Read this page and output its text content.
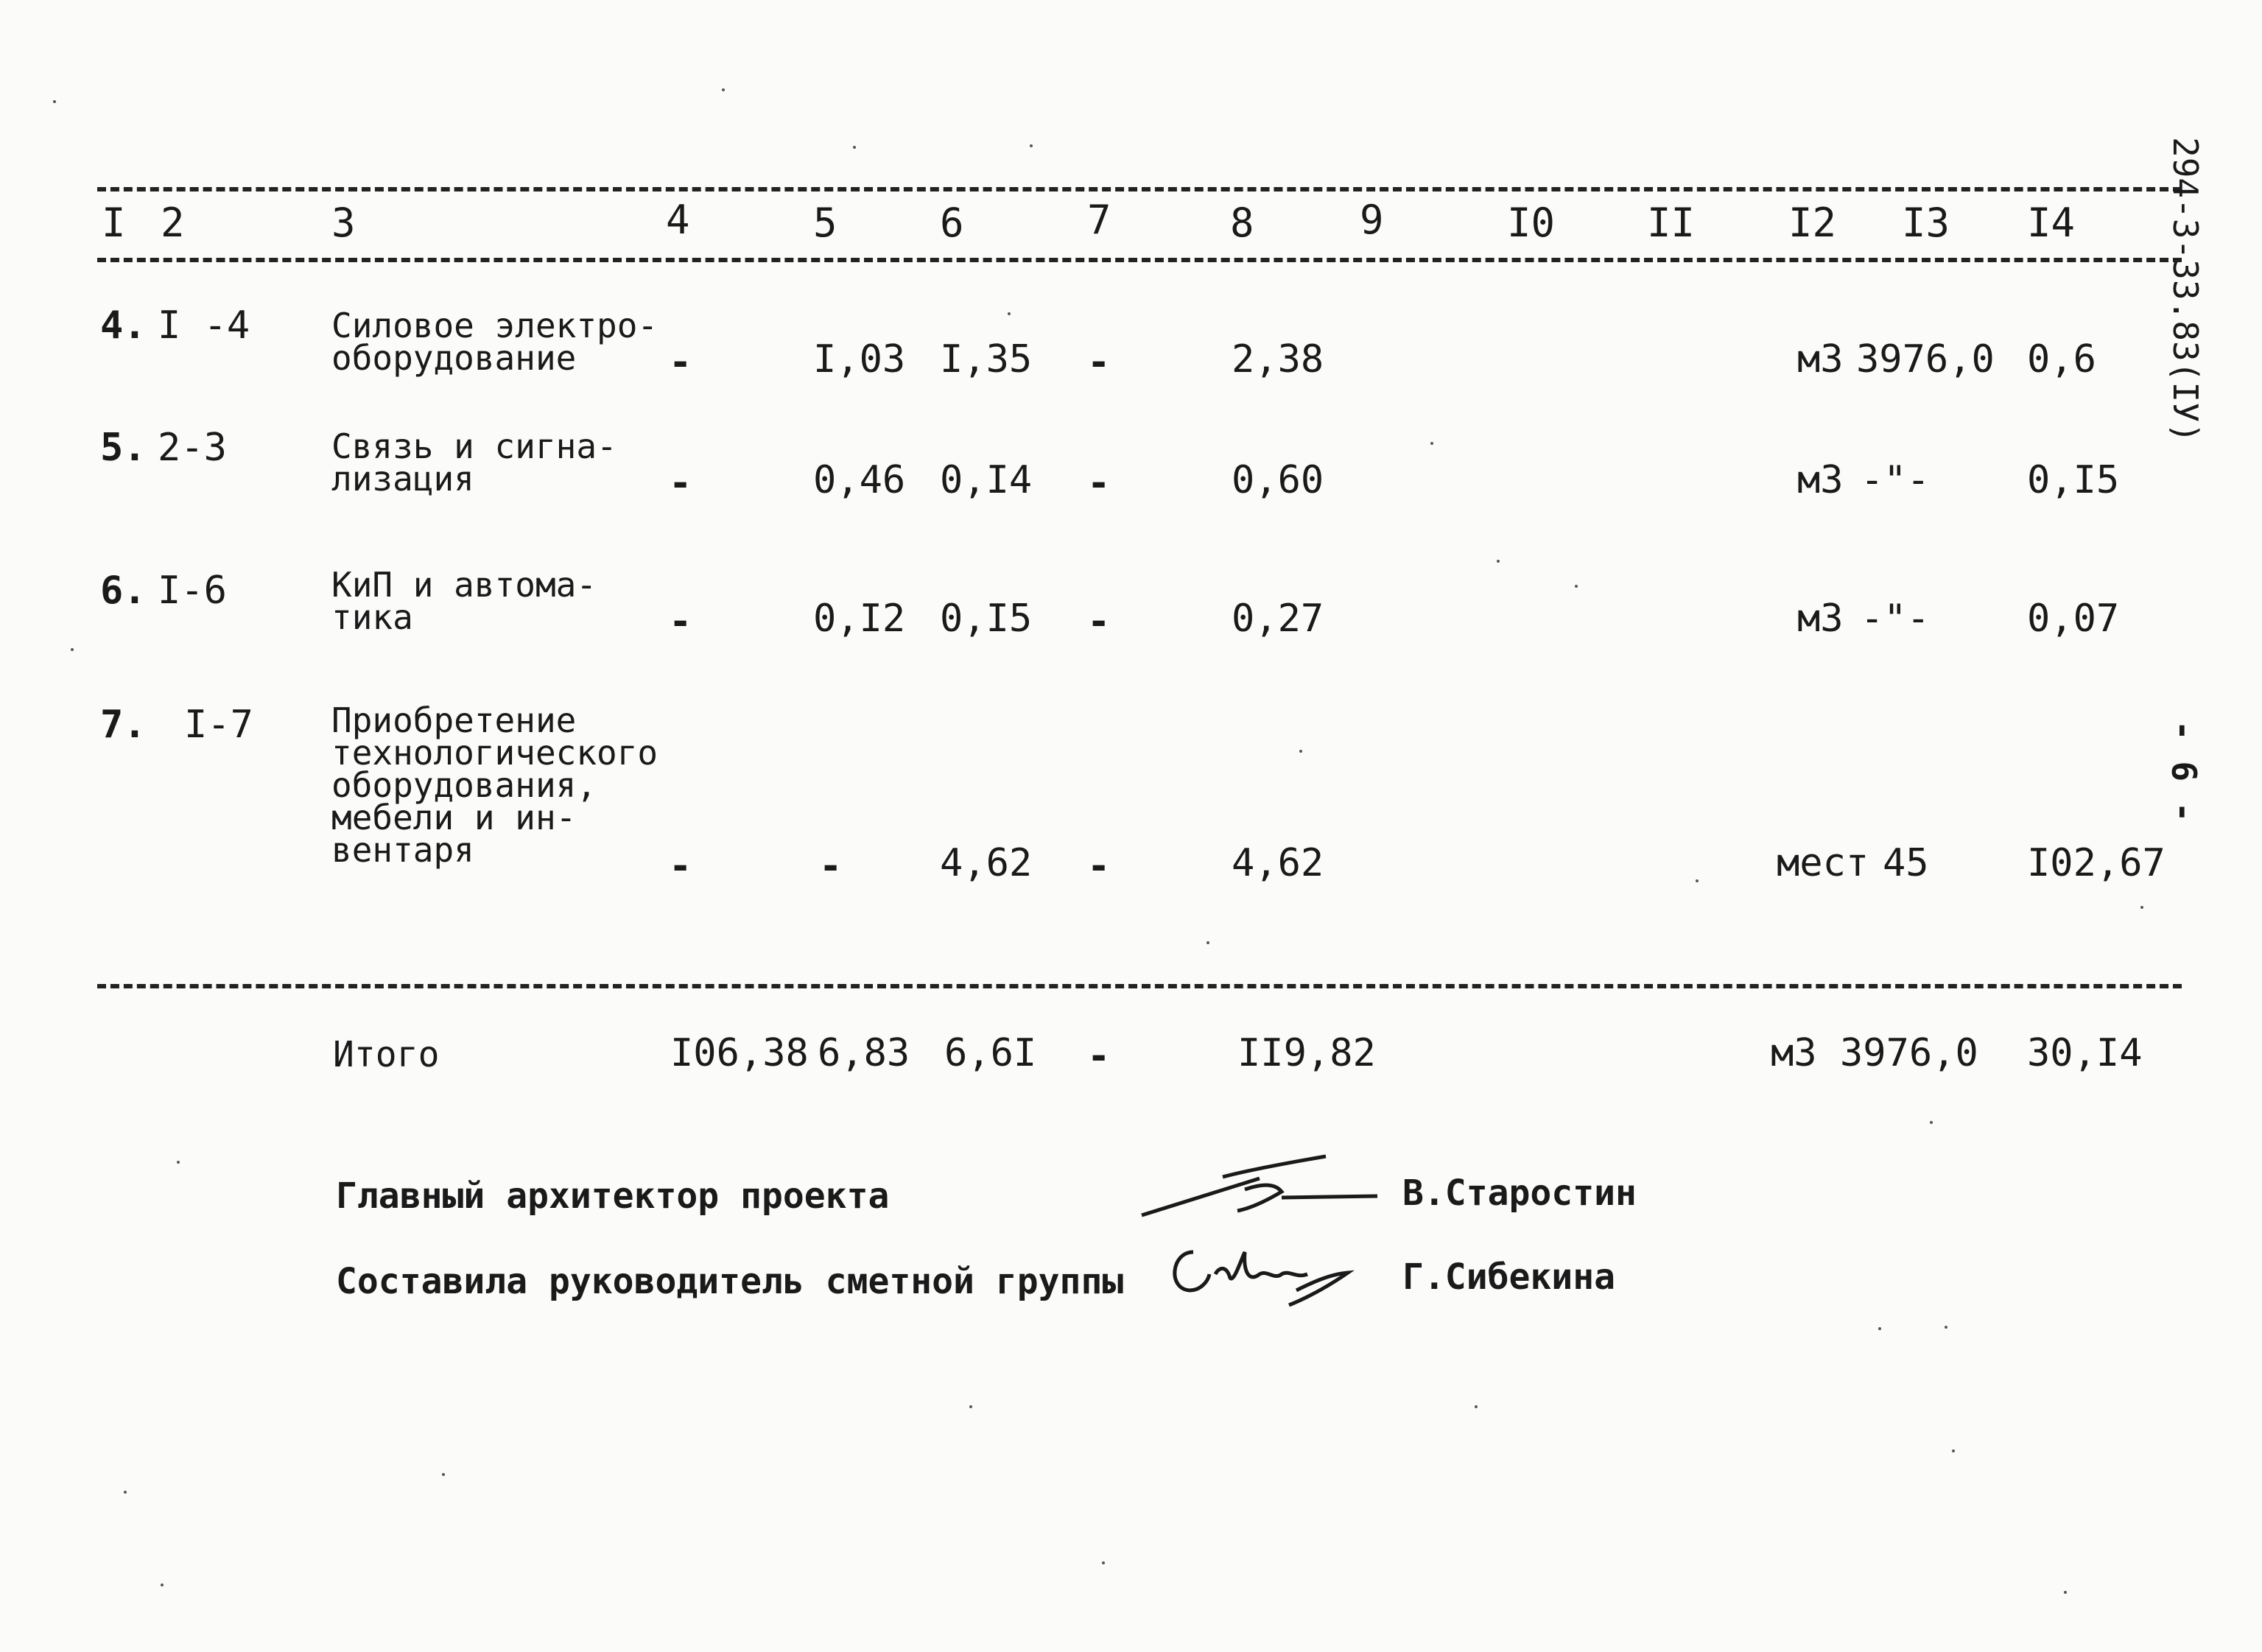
I 2	3	4	5	6	7	8	9	I0 II I2 I3 I4
4. I -4 Силовое электро-
оборудование -	I,03 I,35 -	2,38	м3 3976,0 0,6
5. 2-3	Связь и сигна-
лизация	-	0,46 0,I4 -	0,60	м3 -"-	0,I5
6. I-6	КиП и автома-
тика	-	0,I2 0,I5 -	0,27	м3 -"-	0,07
7. I-7 Приобретение
технологического
оборудования,
мебели и ин-
вентаря	-	-	4,62 -	4,62	мест 45	I02,67
Итого	I06,38 6,83 6,6I -	II9,82	м3 3976,0 30,I4
Главный архитектор проекта	В.Старостин
Составила руководитель сметной группы	Г.Сибекина
294-3-33.83(IУ)
- 6 -
